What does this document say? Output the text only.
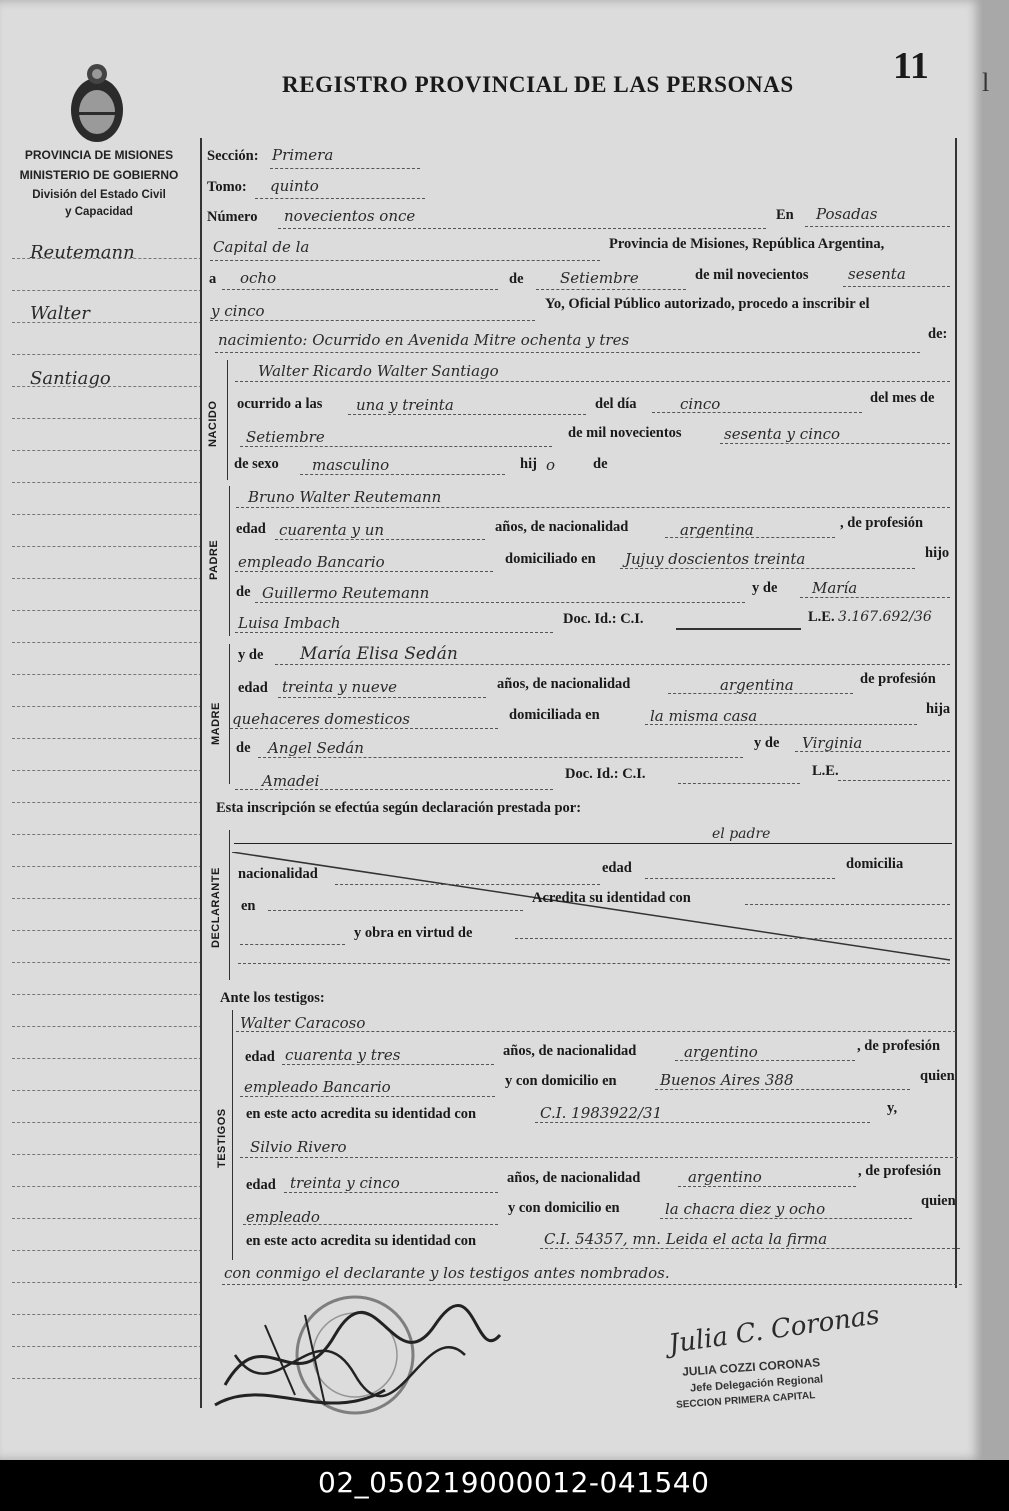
REGISTRO PROVINCIAL DE LAS PERSONAS	11 l
PROVINCIA DE MISIONES
MINISTERIO DE GOBIERNO
División del Estado Civil
y Capacidad
Reutemann
Walter
Santiago
Sección: Primera
Tomo: quinto
Número novecientos once	En Posadas
Capital de la	Provincia de Misiones, República Argentina,
a ocho	de Setiembre	de mil novecientos	sesenta
y cinco	Yo, Oficial Público autorizado, procedo a inscribir el
nacimiento: Ocurrido en Avenida Mitre ochenta y tres	de:
NACIDO
Walter Ricardo Walter Santiago
ocurrido a las una y treinta	del día	cinco	del mes de
Setiembre	de mil novecientos	sesenta y cinco
de sexo masculino	hij o	de
PADRE
Bruno Walter Reutemann
edad cuarenta y un	años, de nacionalidad	argentina	, de profesión
empleado Bancario	domiciliado en Jujuy doscientos treinta	hijo
de Guillermo Reutemann	y de María
Luisa Imbach	Doc. Id.: C.I.	L.E. 3.167.692/36
MADRE
y de María Elisa Sedán
edad treinta y nueve	años, de nacionalidad	argentina	de profesión
quehaceres domesticos	domiciliada en	la misma casa	hija
de Angel Sedán	y de Virginia
Amadei	Doc. Id.: C.I.	L.E.
Esta inscripción se efectúa según declaración prestada por:
el padre
DECLARANTE nacionalidad	edad	domicilia
en	Acredita su identidad con
y obra en virtud de
Ante los testigos:
TESTIGOS
Walter Caracoso
edad cuarenta y tres	años, de nacionalidad	argentino	, de profesión
empleado Bancario	y con domicilio en	Buenos Aires 388	quien
en este acto acredita su identidad con	C.I. 1983922/31	y,
Silvio Rivero
edad treinta y cinco	años, de nacionalidad	argentino	, de profesión
empleado	y con domicilio en	la chacra diez y ocho	quien
en este acto acredita su identidad con	C.I. 54357, mn. Leida el acta la firma
con conmigo el declarante y los testigos antes nombrados.
Julia C. Coronas
JULIA COZZI CORONAS
Jefe Delegación Regional
SECCION PRIMERA CAPITAL
02_050219000012-041540
